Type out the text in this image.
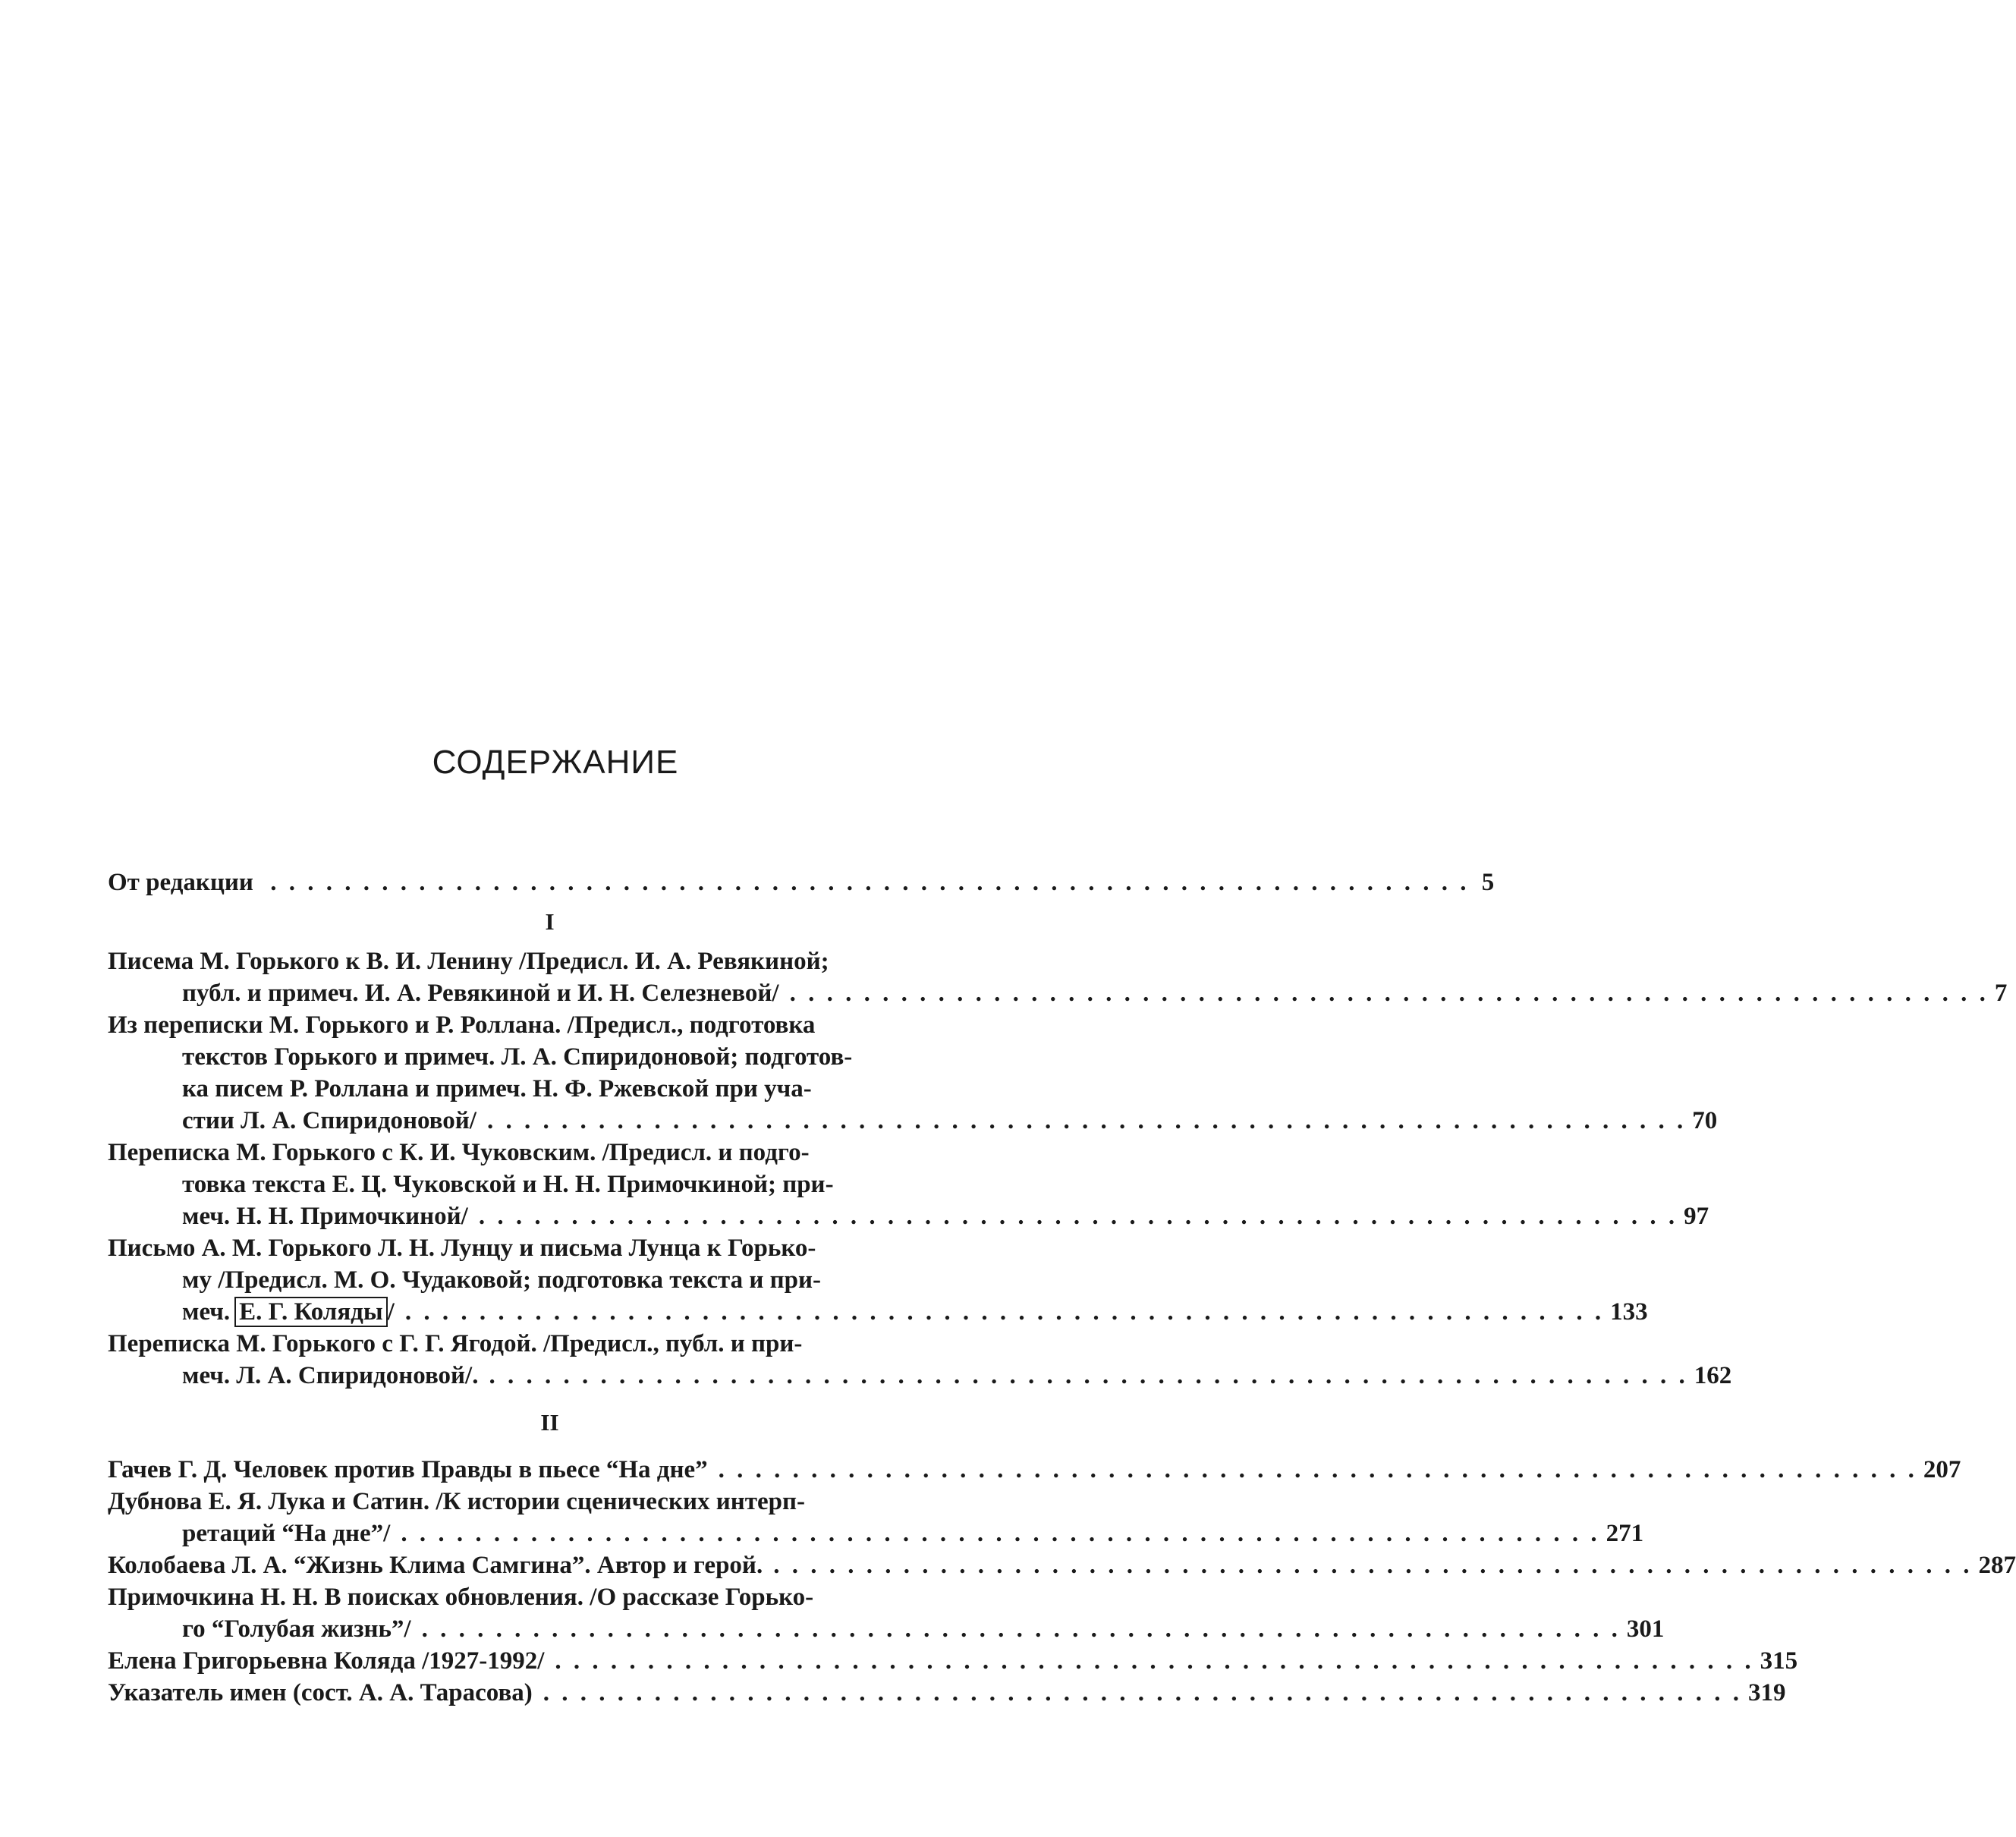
СОДЕРЖАНИЕ
От редакции . . .	5
I
Писема М. Горького к В. И. Ленину /Предисл. И. А. Ревякиной;
публ. и примеч. И. А. Ревякиной и И. Н. Селезневой/ . . .	7
Из переписки М. Горького и Р. Роллана. /Предисл., подготовка
текстов Горького и примеч. Л. А. Спиридоновой; подготов-
ка писем Р. Роллана и примеч. Н. Ф. Ржевской при уча-
стии Л. А. Спиридоновой/ . . .	70
Переписка М. Горького с К. И. Чуковским. /Предисл. и подго-
товка текста Е. Ц. Чуковской и Н. Н. Примочкиной; при-
меч. Н. Н. Примочкиной/ . . .	97
Письмо А. М. Горького Л. Н. Лунцу и письма Лунца к Горько-
му /Предисл. М. О. Чудаковой; подготовка текста и при-
меч. Е. Г. Коляды / . . .	133
Переписка М. Горького с Г. Г. Ягодой. /Предисл., публ. и при-
меч. Л. А. Спиридоновой/. . . .	162
II
Гачев Г. Д. Человек против Правды в пьесе “На дне” . . .	207
Дубнова Е. Я. Лука и Сатин. /К истории сценических интерп-
ретаций “На дне”/ . . .	271
Колобаева Л. А. “Жизнь Клима Самгина”. Автор и герой. . . .	287
Примочкина Н. Н. В поисках обновления. /О рассказе Горько-
го “Голубая жизнь”/ . . .	301
Елена Григорьевна Коляда /1927-1992/ . . .	315
Указатель имен (сост. А. А. Тарасова) . . .	319
